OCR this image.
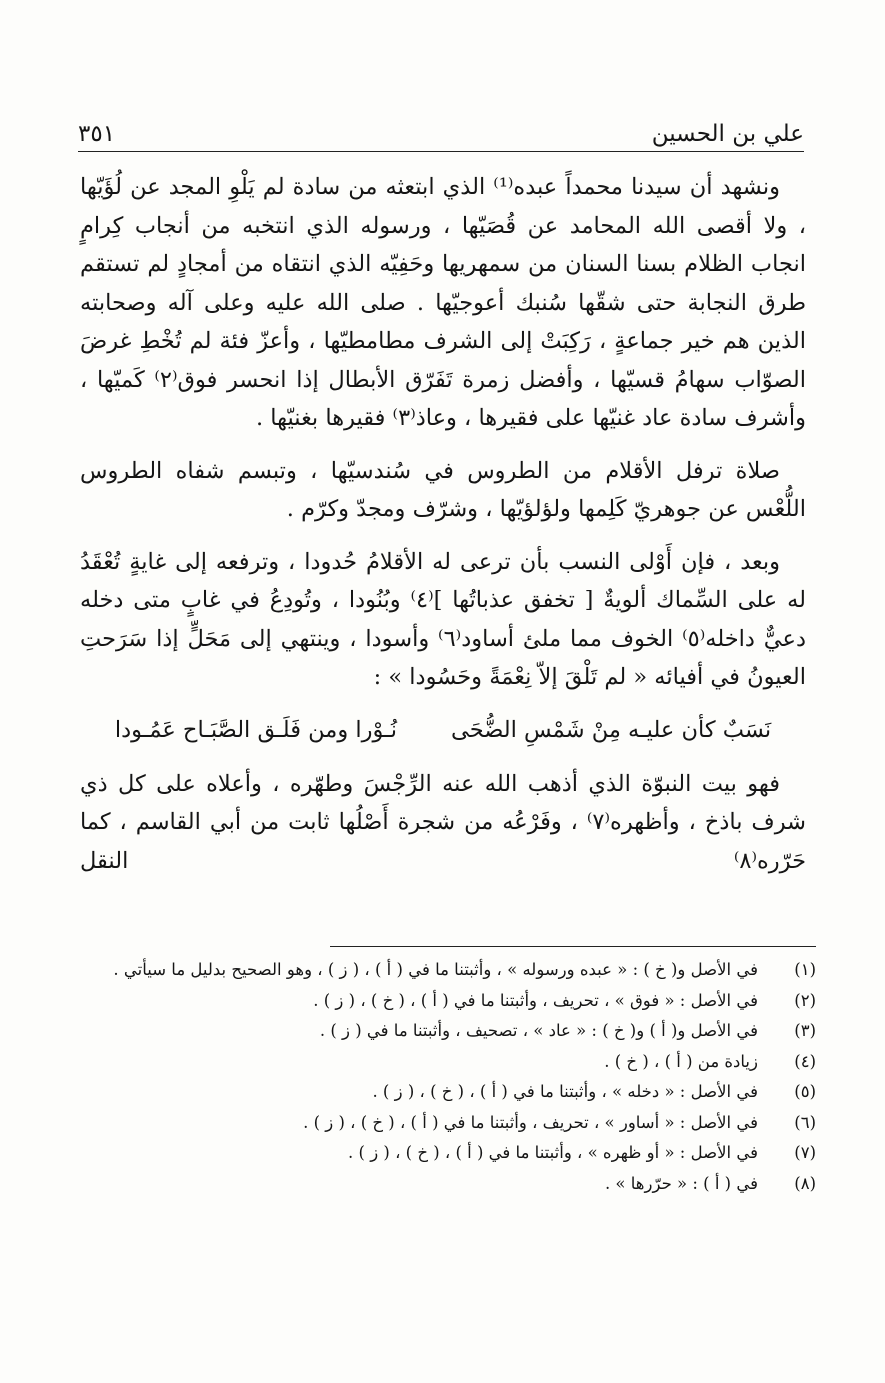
علي بن الحسين
٣٥١

ونشهد أن سيدنا محمداً عبده⁽¹⁾ الذي ابتعثه من سادة لم يَلْوِ المجد عن لُؤَيّها ، ولا أقصى الله المحامد عن قُصَيّها ، ورسوله الذي انتخبه من أنجاب كِرامٍ انجاب الظلام بسنا السنان من سمهريها وحَفِيّه الذي انتقاه من أمجادٍ لم تستقم طرق النجابة حتى شقّها سُنبك أعوجيّها . صلى الله عليه وعلى آله وصحابته الذين هم خير جماعةٍ ، رَكِبَتْ إلى الشرف مطامطيّها ، وأعزّ فئة لم تُخْطِ غرضَ الصوّاب سهامُ قسيّها ، وأفضل زمرة تَفَرّق الأبطال إذا انحسر فوق⁽٢⁾ كَميّها ، وأشرف سادة عاد غنيّها على فقيرها ، وعاذ⁽٣⁾ فقيرها بغنيّها .

صلاة ترفل الأقلام من الطروس في سُندسيّها ، وتبسم شفاه الطروس اللُّعْس عن جوهريّ كَلِمها ولؤلؤيّها ، وشرّف ومجدّ وكرّم .

وبعد ، فإن أَوْلى النسب بأن ترعى له الأقلامُ حُدودا ، وترفعه إلى غايةٍ تُعْقَدُ له على السِّماك ألويةٌ [ تخفق عذباتُها ]⁽٤⁾ وبُنُودا ، وتُودِعُ في غابٍ متى دخله دعيٌّ داخله⁽٥⁾ الخوف مما ملئ أساود⁽٦⁾ وأسودا ، وينتهي إلى مَحَلٍّ إذا سَرَحتِ العيونُ في أفيائه « لم تَلْقَ إلاّ نِعْمَةً وحَسُودا » :

نَسَبٌ كأن عليـه مِنْ شَمْسِ الضُّحَى
نُـوْرا ومن فَلَـق الصَّبَـاح عَمُـودا

فهو بيت النبوّة الذي أذهب الله عنه الرِّجْسَ وطهّره ، وأعلاه على كل ذي شرف باذخ ، وأظهره⁽٧⁾ ، وفَرْعُه من شجرة أَصْلُها ثابت من أبي القاسم ، كما حَرّره⁽٨⁾ النقل

(١)
في الأصل و( خ ) : « عبده ورسوله » ، وأثبتنا ما في ( أ ) ، ( ز ) ، وهو الصحيح بدليل ما سيأتي .
(٢)
في الأصل : « فوق » ، تحريف ، وأثبتنا ما في ( أ ) ، ( خ ) ، ( ز ) .
(٣)
في الأصل و( أ ) و( خ ) : « عاد » ، تصحيف ، وأثبتنا ما في ( ز ) .
(٤)
زيادة من ( أ ) ، ( خ ) .
(٥)
في الأصل : « دخله » ، وأثبتنا ما في ( أ ) ، ( خ ) ، ( ز ) .
(٦)
في الأصل : « أساور » ، تحريف ، وأثبتنا ما في ( أ ) ، ( خ ) ، ( ز ) .
(٧)
في الأصل : « أو ظهره » ، وأثبتنا ما في ( أ ) ، ( خ ) ، ( ز ) .
(٨)
في ( أ ) : « حرّرها » .
